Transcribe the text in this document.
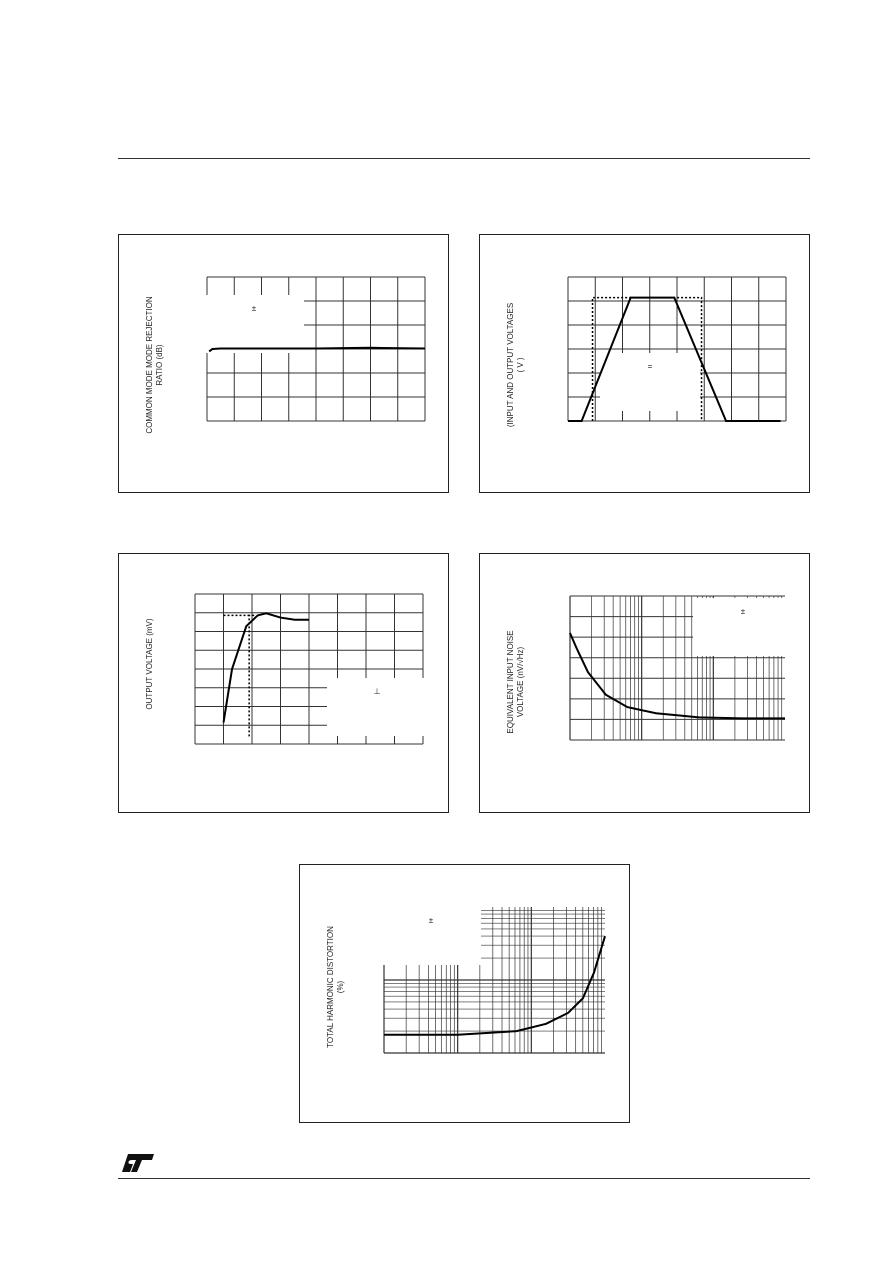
±
COMMON MODE MODE REJECTION RATIO (dB)	=
(INPUT AND OUTPUT VOLTAGES ( V )
⊥
OUTPUT VOLTAGE (mV)
±
EQUIVALENT INPUT NOISE VOLTAGE (nV/√Hz)
±
TOTAL HARMONIC DISTORTION (%)
